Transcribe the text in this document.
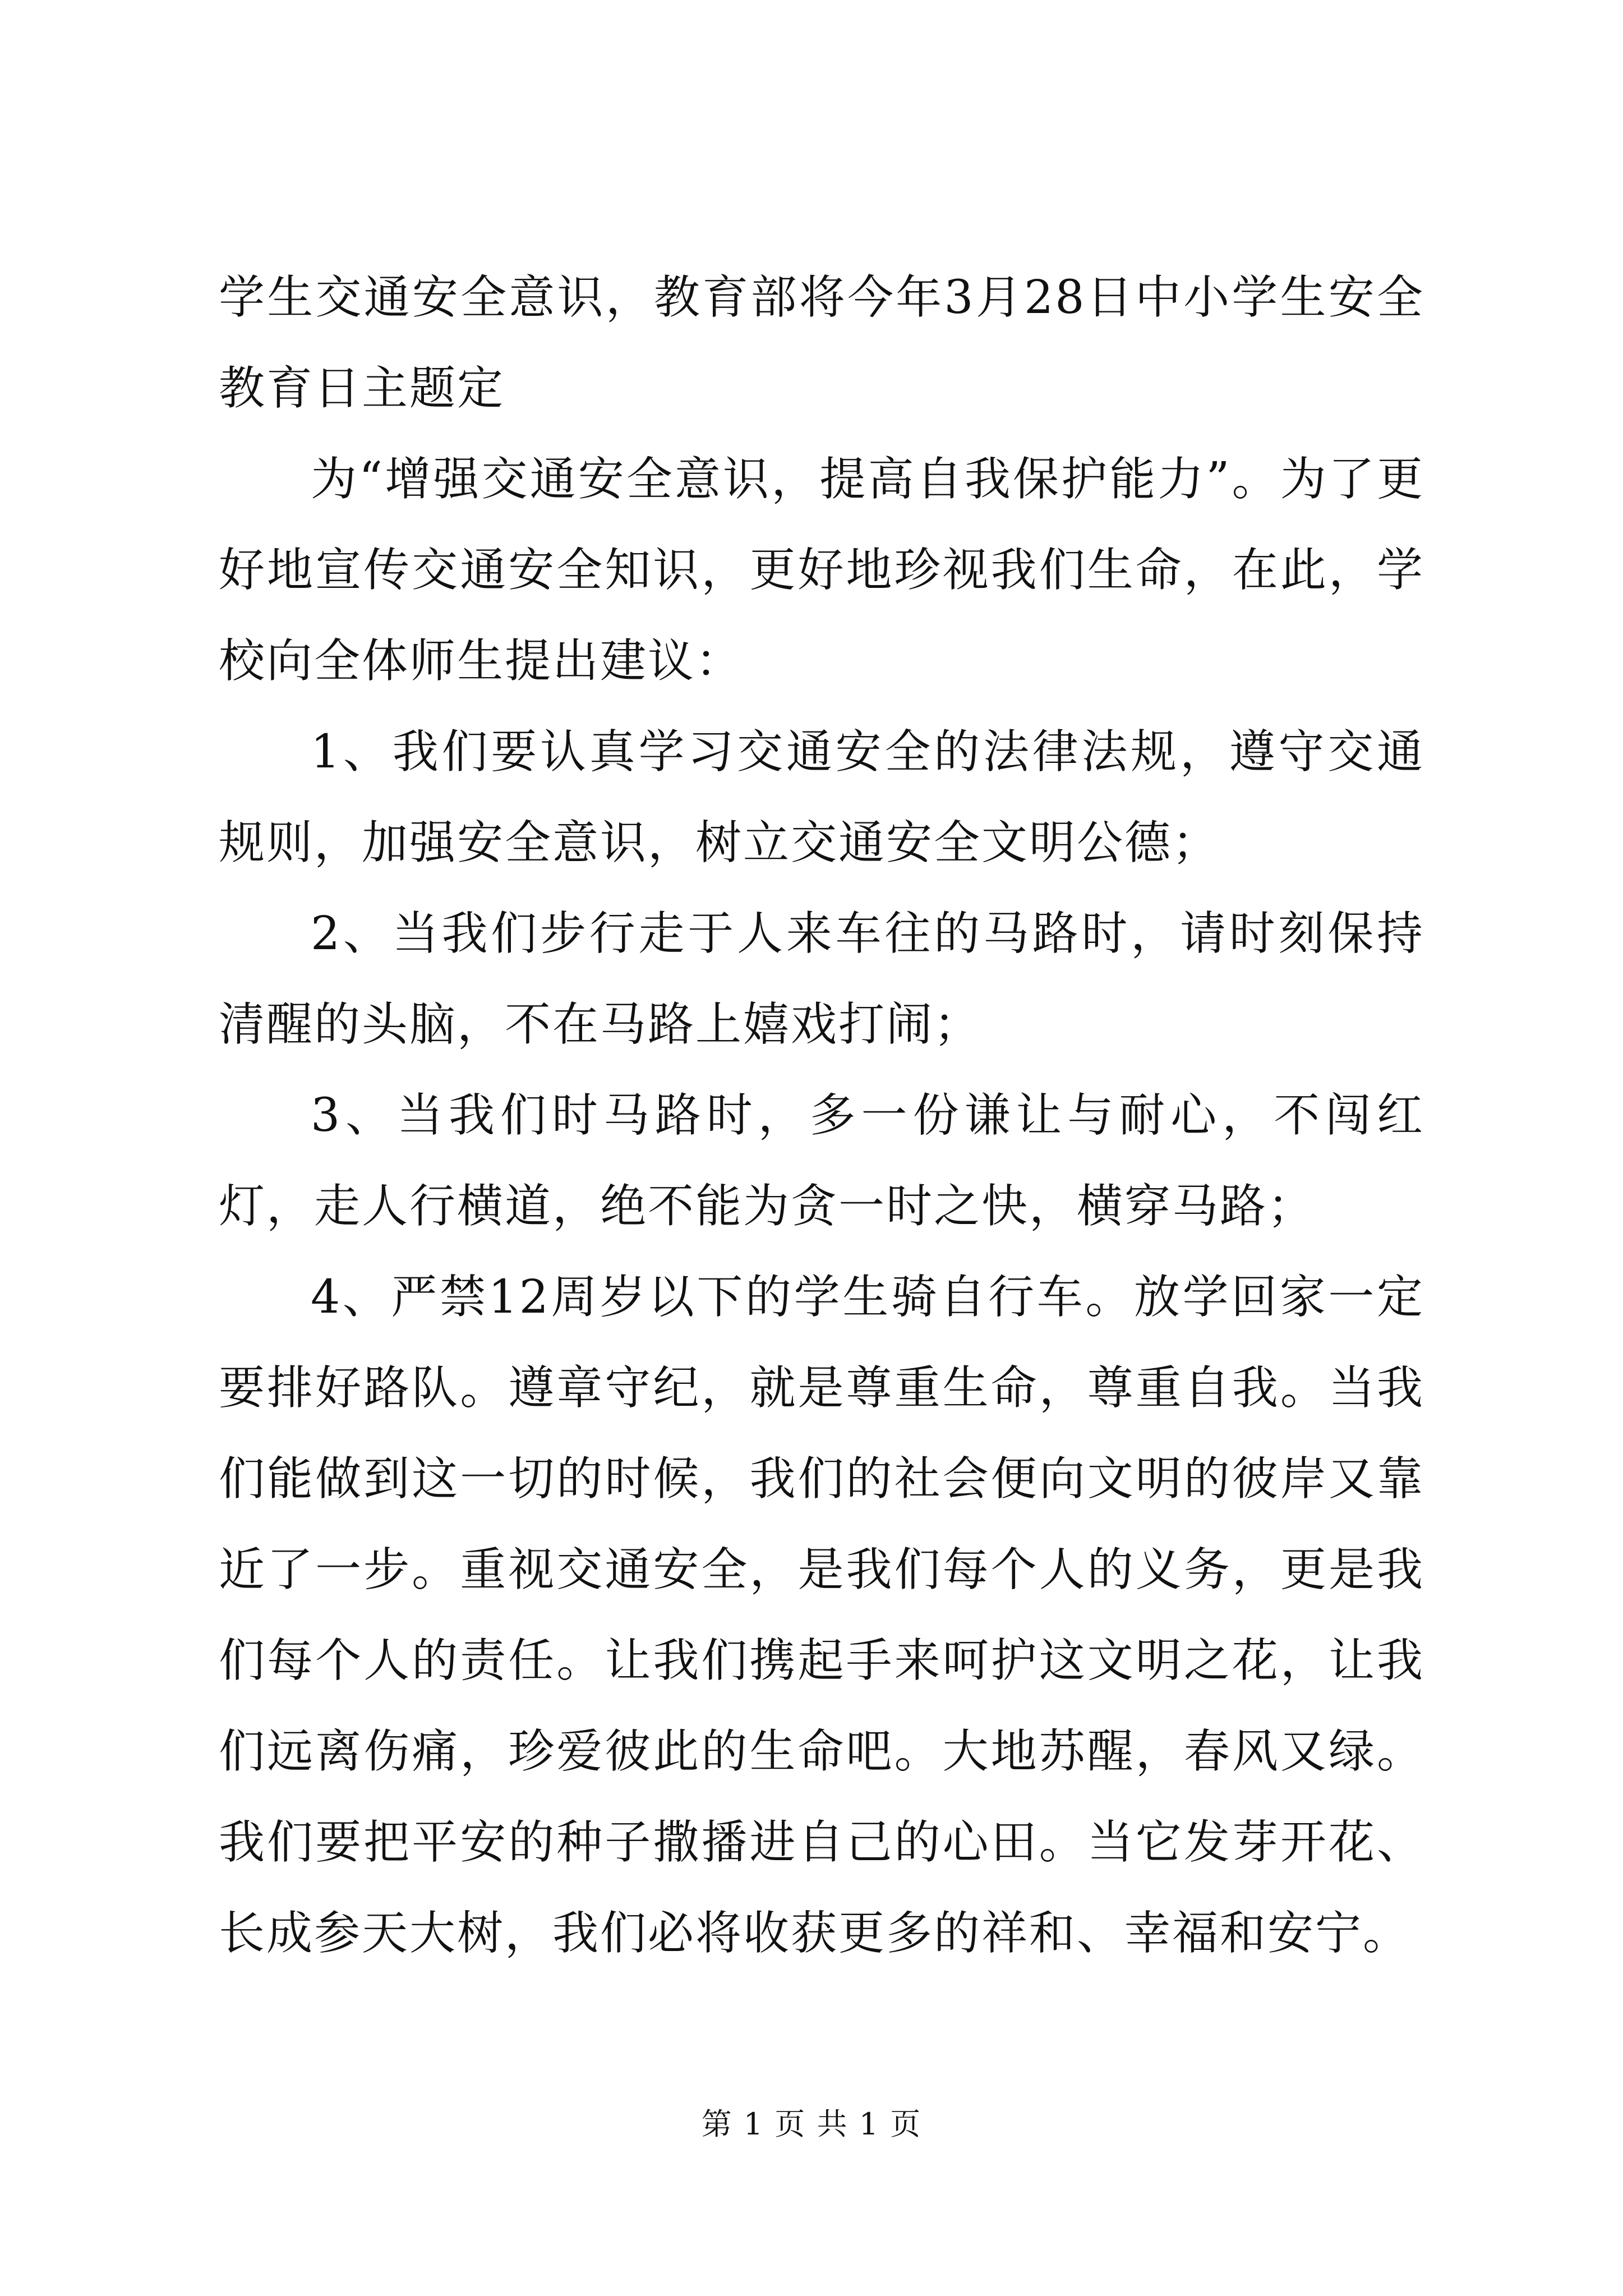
学生交通安全意识，教育部将今年3月28日中小学生安全教育日主题定

为“增强交通安全意识，提高自我保护能力”。为了更好地宣传交通安全知识，更好地珍视我们生命，在此，学校向全体师生提出建议：

1、我们要认真学习交通安全的法律法规，遵守交通规则，加强安全意识，树立交通安全文明公德；

2、当我们步行走于人来车往的马路时，请时刻保持清醒的头脑，不在马路上嬉戏打闹；

3、当我们时马路时，多一份谦让与耐心，不闯红灯，走人行横道，绝不能为贪一时之快，横穿马路；

4、严禁12周岁以下的学生骑自行车。放学回家一定要排好路队。遵章守纪，就是尊重生命，尊重自我。当我们能做到这一切的时候，我们的社会便向文明的彼岸又靠近了一步。重视交通安全，是我们每个人的义务，更是我们每个人的责任。让我们携起手来呵护这文明之花，让我们远离伤痛，珍爱彼此的生命吧。大地苏醒，春风又绿。我们要把平安的种子撒播进自己的心田。当它发芽开花、长成参天大树，我们必将收获更多的祥和、幸福和安宁。

第 1 页 共 1 页
